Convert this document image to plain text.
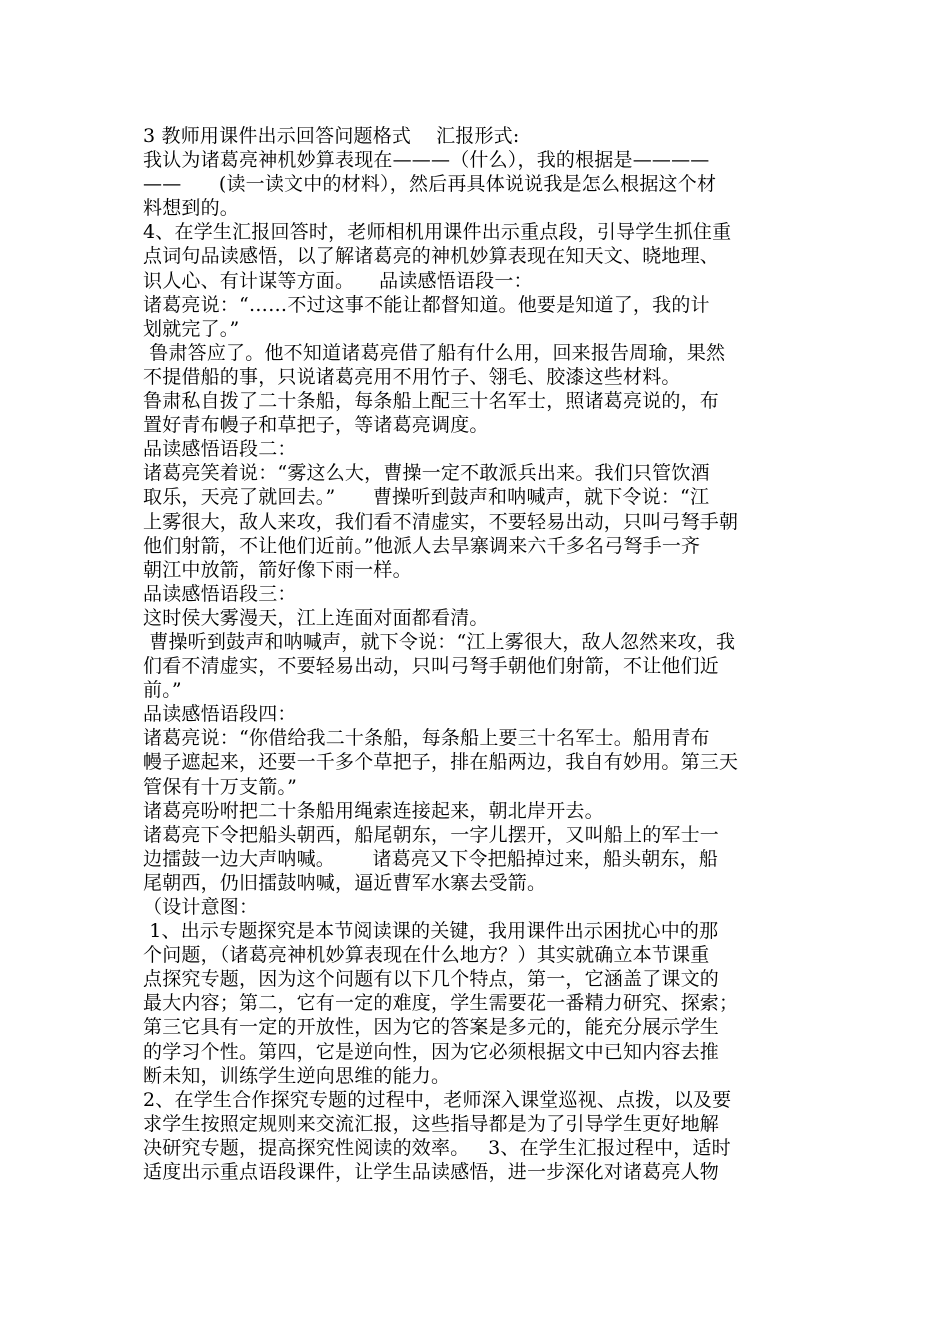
3 教师用课件出示回答问题格式    汇报形式:
我认为诸葛亮神机妙算表现在———（什么），我的根据是————
——      (读一读文中的材料），然后再具体说说我是怎么根据这个材
料想到的。
4、在学生汇报回答时，老师相机用课件出示重点段，引导学生抓住重
点词句品读感悟，以了解诸葛亮的神机妙算表现在知天文、晓地理、
识人心、有计谋等方面。    品读感悟语段一：
诸葛亮说：“……不过这事不能让都督知道。他要是知道了，我的计
划就完了。”
鲁肃答应了。他不知道诸葛亮借了船有什么用，回来报告周瑜，果然
不提借船的事，只说诸葛亮用不用竹子、翎毛、胶漆这些材料。
鲁肃私自拨了二十条船，每条船上配三十名军士，照诸葛亮说的，布
置好青布幔子和草把子，等诸葛亮调度。
品读感悟语段二：
诸葛亮笑着说：“雾这么大，曹操一定不敢派兵出来。我们只管饮酒
取乐，天亮了就回去。”      曹操听到鼓声和呐喊声，就下令说：“江
上雾很大，敌人来攻，我们看不清虚实，不要轻易出动，只叫弓弩手朝
他们射箭，不让他们近前。”他派人去旱寨调来六千多名弓弩手一齐
朝江中放箭，箭好像下雨一样。
品读感悟语段三：
这时侯大雾漫天，江上连面对面都看清。
曹操听到鼓声和呐喊声，就下令说：“江上雾很大，敌人忽然来攻，我
们看不清虚实，不要轻易出动，只叫弓弩手朝他们射箭，不让他们近
前。”
品读感悟语段四：
诸葛亮说：“你借给我二十条船，每条船上要三十名军士。船用青布
幔子遮起来，还要一千多个草把子，排在船两边，我自有妙用。第三天
管保有十万支箭。”
诸葛亮吩咐把二十条船用绳索连接起来，朝北岸开去。
诸葛亮下令把船头朝西，船尾朝东，一字儿摆开，又叫船上的军士一
边擂鼓一边大声呐喊。      诸葛亮又下令把船掉过来，船头朝东，船
尾朝西，仍旧擂鼓呐喊，逼近曹军水寨去受箭。
（设计意图：
1、出示专题探究是本节阅读课的关键，我用课件出示困扰心中的那
个问题，（诸葛亮神机妙算表现在什么地方？）其实就确立本节课重
点探究专题，因为这个问题有以下几个特点，第一，它涵盖了课文的
最大内容；第二，它有一定的难度，学生需要花一番精力研究、探索；
第三它具有一定的开放性，因为它的答案是多元的，能充分展示学生
的学习个性。第四，它是逆向性，因为它必须根据文中已知内容去推
断未知，训练学生逆向思维的能力。
2、在学生合作探究专题的过程中，老师深入课堂巡视、点拨，以及要
求学生按照定规则来交流汇报，这些指导都是为了引导学生更好地解
决研究专题，提高探究性阅读的效率。   3、在学生汇报过程中，适时
适度出示重点语段课件，让学生品读感悟，进一步深化对诸葛亮人物
